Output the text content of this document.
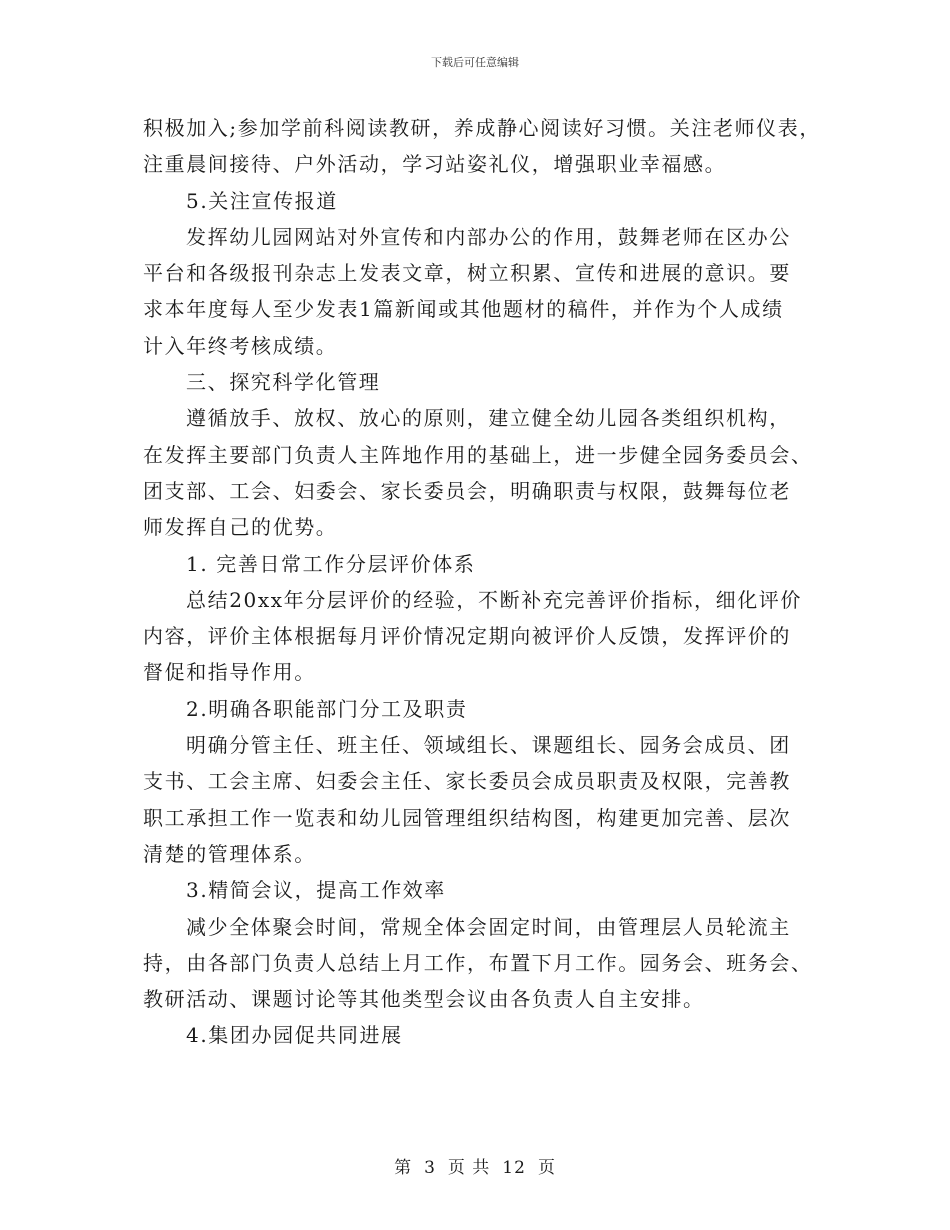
下载后可任意编辑
积极加入;参加学前科阅读教研，养成静心阅读好习惯。关注老师仪表，
注重晨间接待、户外活动，学习站姿礼仪，增强职业幸福感。
5.关注宣传报道
发挥幼儿园网站对外宣传和内部办公的作用，鼓舞老师在区办公
平台和各级报刊杂志上发表文章，树立积累、宣传和进展的意识。要
求本年度每人至少发表1篇新闻或其他题材的稿件，并作为个人成绩
计入年终考核成绩。
三、探究科学化管理
遵循放手、放权、放心的原则，建立健全幼儿园各类组织机构，
在发挥主要部门负责人主阵地作用的基础上，进一步健全园务委员会、
团支部、工会、妇委会、家长委员会，明确职责与权限，鼓舞每位老
师发挥自己的优势。
1. 完善日常工作分层评价体系
总结20xx年分层评价的经验，不断补充完善评价指标，细化评价
内容，评价主体根据每月评价情况定期向被评价人反馈，发挥评价的
督促和指导作用。
2.明确各职能部门分工及职责
明确分管主任、班主任、领域组长、课题组长、园务会成员、团
支书、工会主席、妇委会主任、家长委员会成员职责及权限，完善教
职工承担工作一览表和幼儿园管理组织结构图，构建更加完善、层次
清楚的管理体系。
3.精简会议，提高工作效率
减少全体聚会时间，常规全体会固定时间，由管理层人员轮流主
持，由各部门负责人总结上月工作，布置下月工作。园务会、班务会、
教研活动、课题讨论等其他类型会议由各负责人自主安排。
4.集团办园促共同进展
第 3 页 共 12 页
